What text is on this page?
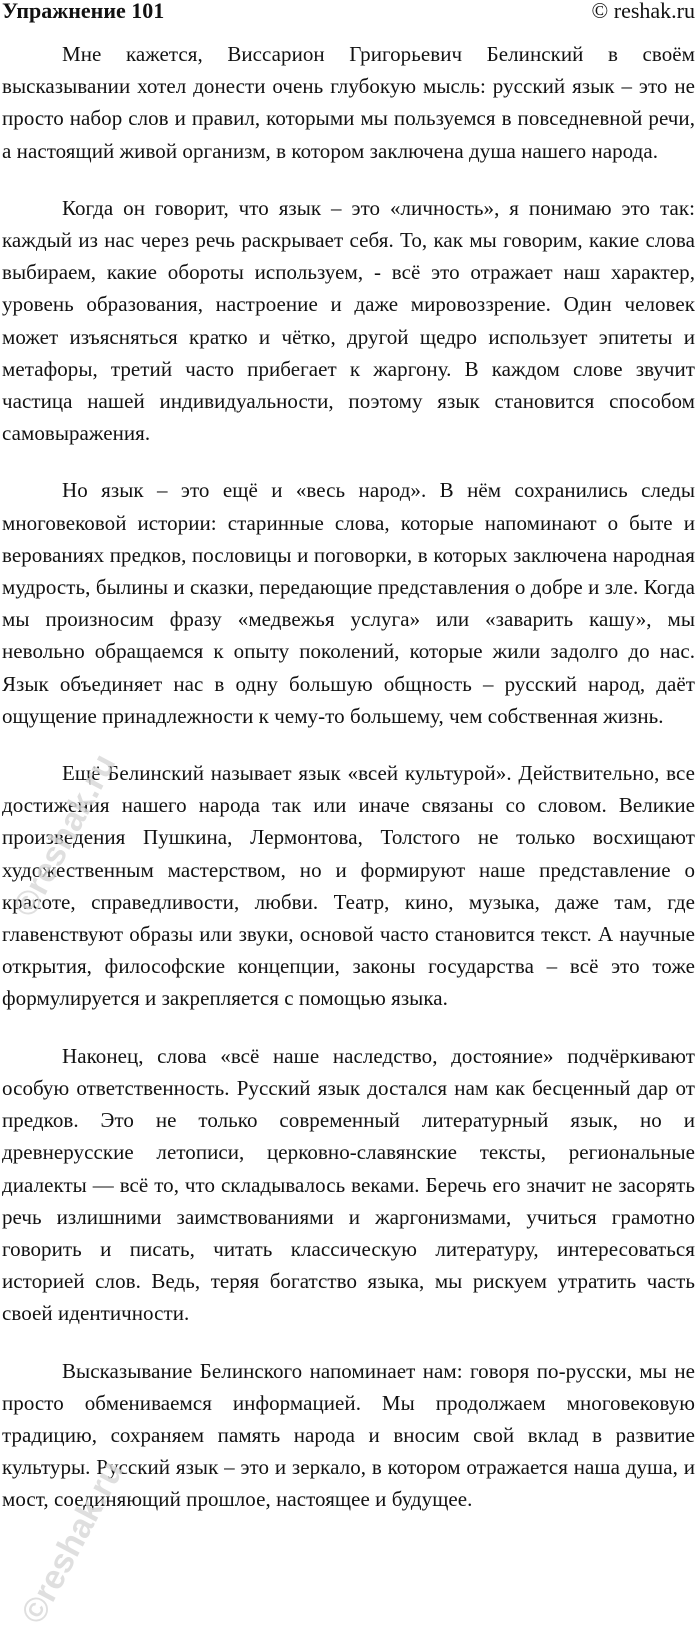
Упражнение 101	© reshak.ru

Мне кажется, Виссарион Григорьевич Белинский в своём высказывании хотел донести очень глубокую мысль: русский язык – это не просто набор слов и правил, которыми мы пользуемся в повседневной речи, а настоящий живой организм, в котором заключена душа нашего народа.

Когда он говорит, что язык – это «личность», я понимаю это так: каждый из нас через речь раскрывает себя. То, как мы говорим, какие слова выбираем, какие обороты используем, - всё это отражает наш характер, уровень образования, настроение и даже мировоззрение. Один человек может изъясняться кратко и чётко, другой щедро использует эпитеты и метафоры, третий часто прибегает к жаргону. В каждом слове звучит частица нашей индивидуальности, поэтому язык становится способом самовыражения.

Но язык – это ещё и «весь народ». В нём сохранились следы многовековой истории: старинные слова, которые напоминают о быте и верованиях предков, пословицы и поговорки, в которых заключена народная мудрость, былины и сказки, передающие представления о добре и зле. Когда мы произносим фразу «медвежья услуга» или «заварить кашу», мы невольно обращаемся к опыту поколений, которые жили задолго до нас. Язык объединяет нас в одну большую общность – русский народ, даёт ощущение принадлежности к чему-то большему, чем собственная жизнь.

Ещё Белинский называет язык «всей культурой». Действительно, все достижения нашего народа так или иначе связаны со словом. Великие произведения Пушкина, Лермонтова, Толстого не только восхищают художественным мастерством, но и формируют наше представление о красоте, справедливости, любви. Театр, кино, музыка, даже там, где главенствуют образы или звуки, основой часто становится текст. А научные открытия, философские концепции, законы государства – всё это тоже формулируется и закрепляется с помощью языка.

Наконец, слова «всё наше наследство, достояние» подчёркивают особую ответственность. Русский язык достался нам как бесценный дар от предков. Это не только современный литературный язык, но и древнерусские летописи, церковно-славянские тексты, региональные диалекты — всё то, что складывалось веками. Беречь его значит не засорять речь излишними заимствованиями и жаргонизмами, учиться грамотно говорить и писать, читать классическую литературу, интересоваться историей слов. Ведь, теряя богатство языка, мы рискуем утратить часть своей идентичности.

Высказывание Белинского напоминает нам: говоря по-русски, мы не просто обмениваемся информацией. Мы продолжаем многовековую традицию, сохраняем память народа и вносим свой вклад в развитие культуры. Русский язык – это и зеркало, в котором отражается наша душа, и мост, соединяющий прошлое, настоящее и будущее.

©reshak.ru
©reshak.ru
